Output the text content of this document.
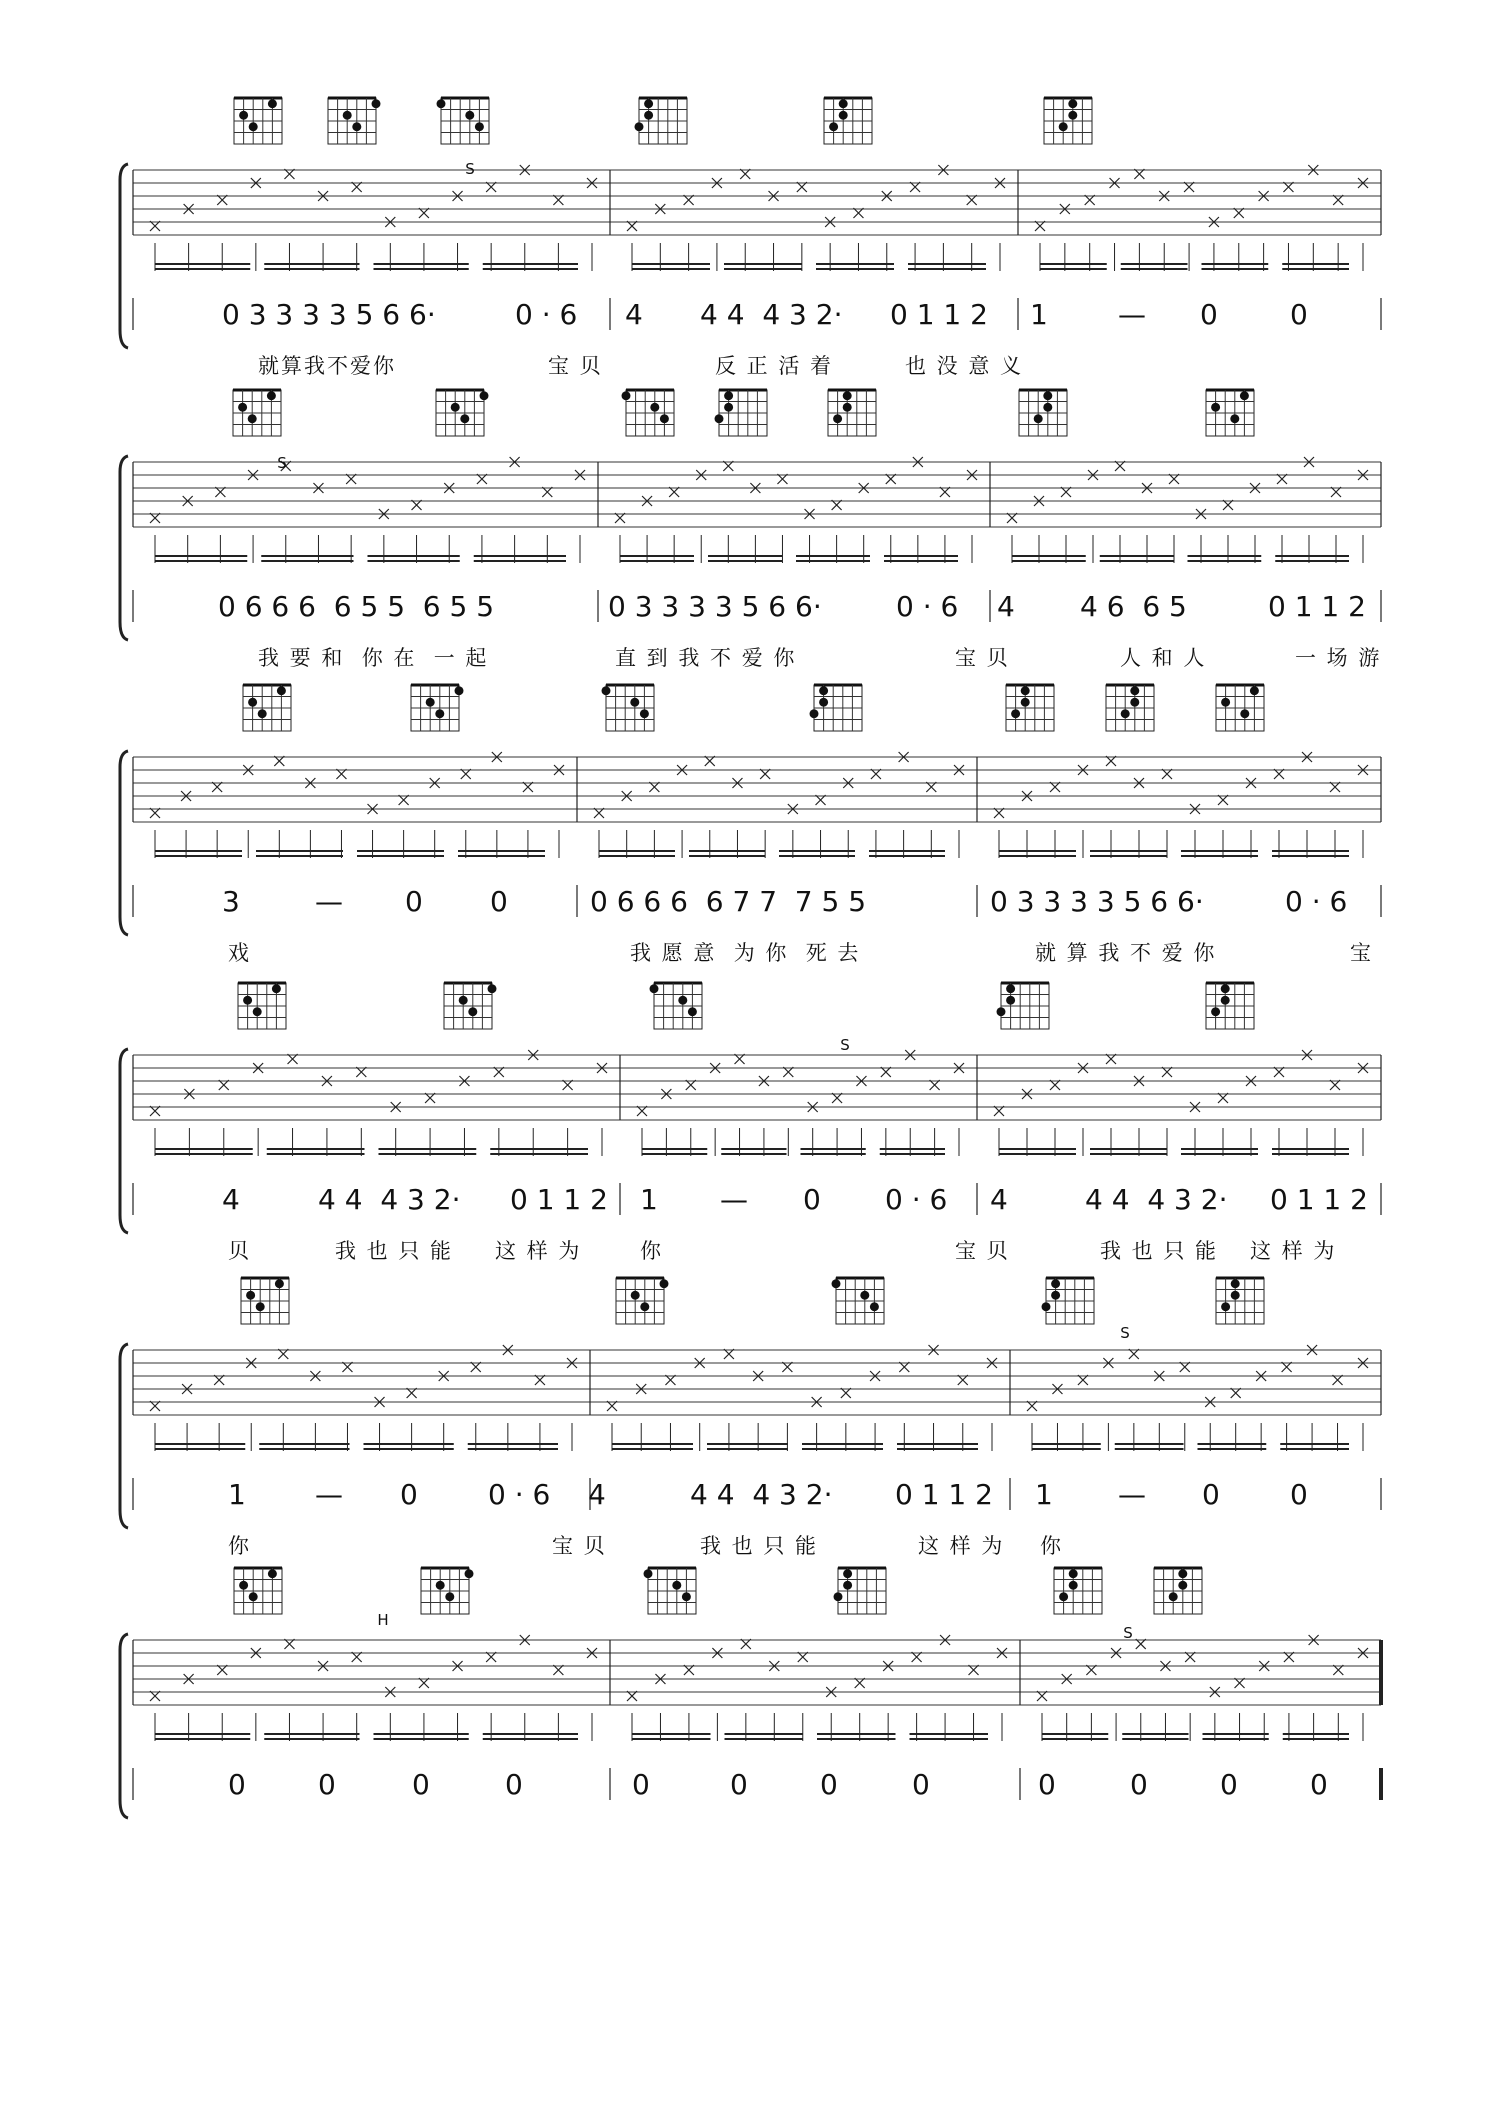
S
S
S
S
S
H
0 3 3 3 3 5 6 6·	0 · 6 4 4 4  4 3 2· 0 1 1 2 1	— 0	0
就算我不爱你	宝 贝	反 正 活 着	也 没 意 义
0 6 6 6  6 5 5  6 5 5	0 3 3 3 3 5 6 6·	0 · 6 4 4 6  6 5	0 1 1 2
我 要 和  你 在  一 起	直 到 我 不 爱 你	宝 贝	人 和 人	一 场 游
3	— 0 0	0 6 6 6  6 7 7  7 5 5	0 3 3 3 3 5 6 6·	0 · 6
戏	我 愿 意  为 你  死 去	就 算 我 不 爱 你	宝
4	4 4  4 3 2· 0 1 1 2 1 — 0 0 · 6 4	4 4  4 3 2· 0 1 1 2
贝	我 也 只 能 这 样 为	你	宝 贝	我 也 只 能 这 样 为
1 — 0	0 · 6 4	4 4  4 3 2· 0 1 1 2 1 — 0	0
你	宝 贝	我 也 只 能	这 样 为 你
0	0	0	0	0	0	0	0	0	0	0	0
